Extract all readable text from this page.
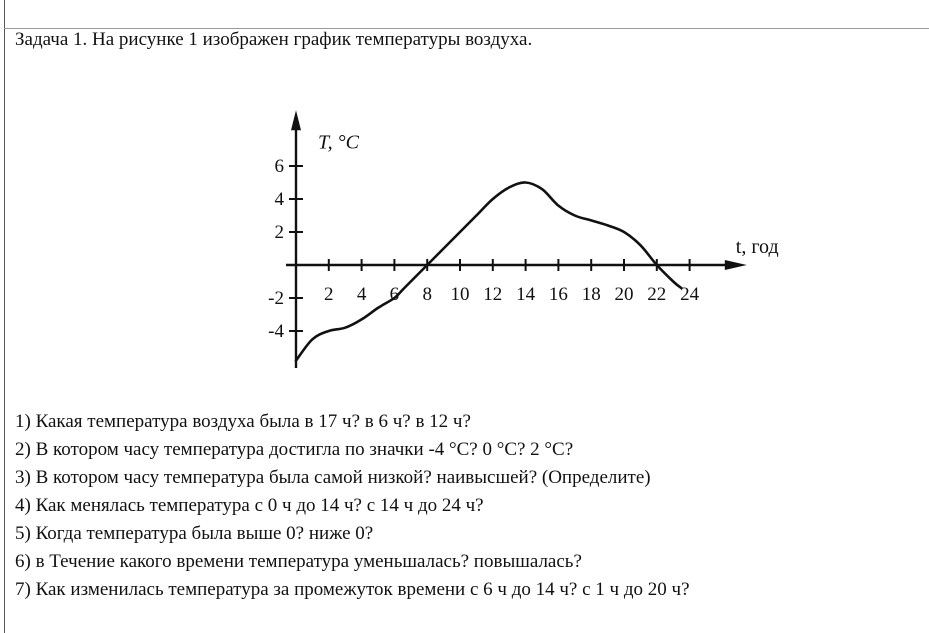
Задача 1. На рисунке 1 изображен график температуры воздуха.
2 4 6 8 10 12 14 16 18 20 22 24
6
4
2
-2
-4
T, °C
t, год
1) Какая температура воздуха была в 17 ч? в 6 ч? в 12 ч?
2) В котором часу температура достигла по значки -4 °С? 0 °С? 2 °С?
3) В котором часу температура была самой низкой? наивысшей? (Определите)
4) Как менялась температура с 0 ч до 14 ч? с 14 ч до 24 ч?
5) Когда температура была выше 0? ниже 0?
6) в Течение какого времени температура уменьшалась? повышалась?
7) Как изменилась температура за промежуток времени с 6 ч до 14 ч? с 1 ч до 20 ч?
